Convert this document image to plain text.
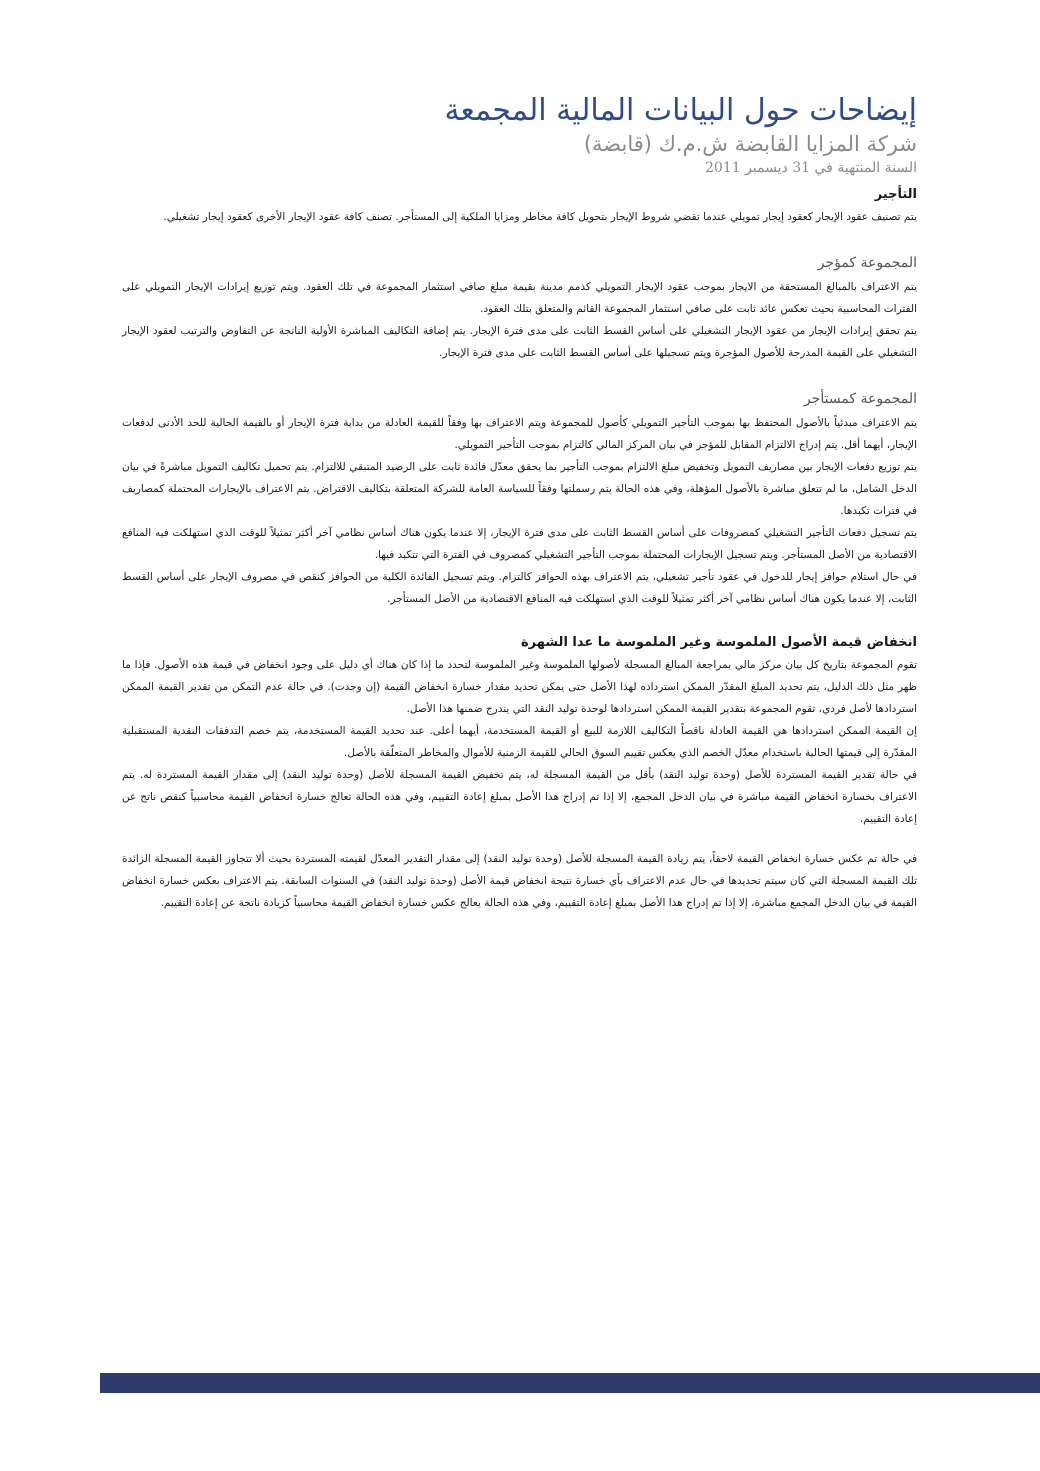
إيضاحات حول البيانات المالية المجمعة
شركة المزايا القابضة ش.م.ك (قابضة)
السنة المنتهية في 31 ديسمبر 2011
التأجير

يتم تصنيف عقود الإيجار كعقود إيجار تمويلي عندما تقضي شروط الإيجار بتحويل كافة مخاطر ومزايا الملكية إلى المستأجر. تصنف كافة عقود الإيجار الأخرى كعقود إيجار تشغيلي.

المجموعة كمؤجر

يتم الاعتراف بالمبالغ المستحقة من الايجار بموجب عقود الإيجار التمويلي كذمم مدينة بقيمة مبلغ صافي استثمار المجموعة في تلك العقود. ويتم توزيع إيرادات الإيجار التمويلي على الفترات المحاسبية بحيث تعكس عائد ثابت على صافي استثمار المجموعة القائم والمتعلق بتلك العقود.

يتم تحقق إيرادات الإيجار من عقود الإيجار التشغيلي على أساس القسط الثابت على مدى فترة الإيجار. يتم إضافة التكاليف المباشرة الأولية الناتجة عن التفاوض والترتيب لعقود الإيجار التشغيلي على القيمة المدرجة للأصول المؤجرة ويتم تسجيلها على أساس القسط الثابت على مدى فترة الإيجار.

المجموعة كمستأجر

يتم الاعتراف مبدئياً بالأصول المحتفظ بها بموجب التأجير التمويلي كأصول للمجموعة ويتم الاعتراف بها وفقاً للقيمة العادلة من بداية فترة الإيجار أو بالقيمة الحالية للحد الأدنى لدفعات الإيجار، أيهما أقل. يتم إدراج الالتزام المقابل للمؤجر في بيان المركز المالي كالتزام بموجب التأجير التمويلي.

يتم توزيع دفعات الإيجار بين مصاريف التمويل وتخفيض مبلغ الالتزام بموجب التأجير بما يحقق معدّل فائدة ثابت على الرصيد المتبقي للالتزام. يتم تحميل تكاليف التمويل مباشرةً في بيان الدخل الشامل، ما لم تتعلق مباشرة بالأصول المؤهلة، وفي هذه الحالة يتم رسملتها وفقاً للسياسة العامة للشركة المتعلقة بتكاليف الاقتراض. يتم الاعتراف بالإيجارات المحتملة كمصاريف في فترات تكبدها.

يتم تسجيل دفعات التأجير التشغيلي كمصروفات على أساس القسط الثابت على مدى فترة الإيجار، إلا عندما يكون هناك أساس نظامي آخر أكثر تمثيلاً للوقت الذي استهلكت فيه المنافع الاقتصادية من الأصل المستأجر. ويتم تسجيل الإيجارات المحتملة بموجب التأجير التشغيلي كمصروف في الفترة التي تتكبد فيها.

في حال استلام حوافز إيجار للدخول في عقود تأجير تشغيلي، يتم الاعتراف بهذه الحوافز كالتزام. ويتم تسجيل الفائدة الكلية من الحوافز كنقص في مصروف الإيجار على أساس القسط الثابت، إلا عندما يكون هناك أساس نظامي آخر أكثر تمثيلاً للوقت الذي استهلكت فيه المنافع الاقتصادية من الأصل المستأجر.

انخفاض قيمة الأصول الملموسة وغير الملموسة ما عدا الشهرة

تقوم المجموعة بتاريخ كل بيان مركز مالي بمراجعة المبالغ المسجلة لأصولها الملموسة وغير الملموسة لتحدد ما إذا كان هناك أي دليل على وجود انخفاض في قيمة هذه الأصول. فإذا ما ظهر مثل ذلك الدليل، يتم تحديد المبلغ المقدّر الممكن استرداده لهذا الأصل حتى يمكن تحديد مقدار خسارة انخفاض القيمة (إن وجدت). في حالة عدم التمكن من تقدير القيمة الممكن استردادها لأصل فردي، تقوم المجموعة بتقدير القيمة الممكن استردادها لوحدة توليد النقد التي يندرج ضمنها هذا الأصل.

إن القيمة الممكن استردادها هي القيمة العادلة ناقصاً التكاليف اللازمة للبيع أو القيمة المستخدمة، أيهما أعلى. عند تحديد القيمة المستخدمة، يتم خصم التدفقات النقدية المستقبلية المقدّرة إلى قيمتها الحالية باستخدام معدّل الخصم الذي يعكس تقييم السوق الحالي للقيمة الزمنية للأموال والمخاطر المتعلّقة بالأصل.

في حالة تقدير القيمة المستردة للأصل (وحدة توليد النقد) بأقل من القيمة المسجلة له، يتم تخفيض القيمة المسجلة للأصل (وحدة توليد النقد) إلى مقدار القيمة المستردة له. يتم الاعتراف بخسارة انخفاض القيمة مباشرة في بيان الدخل المجمع، إلا إذا تم إدراج هذا الأصل بمبلغ إعادة التقييم، وفي هذه الحالة تعالج خسارة انخفاض القيمة محاسبياً كنقص ناتج عن إعادة التقييم.

في حالة تم عكس خسارة انخفاض القيمة لاحقاً، يتم زيادة القيمة المسجلة للأصل (وحدة توليد النقد) إلى مقدار التقدير المعدّل لقيمته المستردة بحيث ألا تتجاوز القيمة المسجلة الزائدة تلك القيمة المسجلة التي كان سيتم تحديدها في حال عدم الاعتراف بأي خسارة نتيجة انخفاض قيمة الأصل (وحدة توليد النقد) في السنوات السابقة. يتم الاعتراف بعكس خسارة انخفاض القيمة في بيان الدخل المجمع مباشرة، إلا إذا تم إدراج هذا الأصل بمبلغ إعادة التقييم، وفي هذه الحالة يعالج عكس خسارة انخفاض القيمة محاسبياً كزيادة ناتجة عن إعادة التقييم.
